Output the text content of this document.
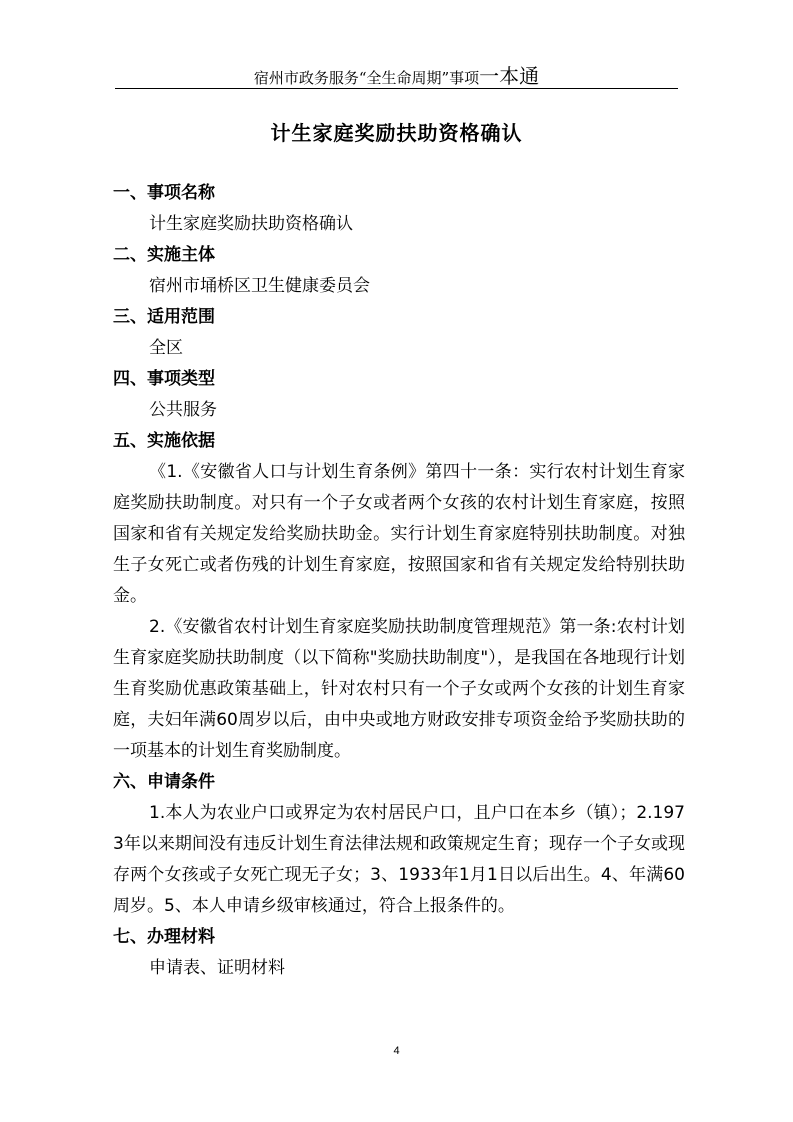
宿州市政务服务“全生命周期”事项一本通
计生家庭奖励扶助资格确认
一、事项名称
计生家庭奖励扶助资格确认
二、实施主体
宿州市埇桥区卫生健康委员会
三、适用范围
全区
四、事项类型
公共服务
五、实施依据

《1.《安徽省人口与计划生育条例》第四十一条：实行农村计划生育家庭奖励扶助制度。对只有一个子女或者两个女孩的农村计划生育家庭，按照国家和省有关规定发给奖励扶助金。实行计划生育家庭特别扶助制度。对独生子女死亡或者伤残的计划生育家庭，按照国家和省有关规定发给特别扶助金。

2.《安徽省农村计划生育家庭奖励扶助制度管理规范》第一条:农村计划生育家庭奖励扶助制度（以下简称"奖励扶助制度"），是我国在各地现行计划生育奖励优惠政策基础上，针对农村只有一个子女或两个女孩的计划生育家庭，夫妇年满60周岁以后，由中央或地方财政安排专项资金给予奖励扶助的一项基本的计划生育奖励制度。

六、申请条件

1.本人为农业户口或界定为农村居民户口，且户口在本乡（镇）；2.1973年以来期间没有违反计划生育法律法规和政策规定生育；现存一个子女或现存两个女孩或子女死亡现无子女；3、1933年1月1日以后出生。4、年满60周岁。5、本人申请乡级审核通过，符合上报条件的。

七、办理材料
申请表、证明材料
4
